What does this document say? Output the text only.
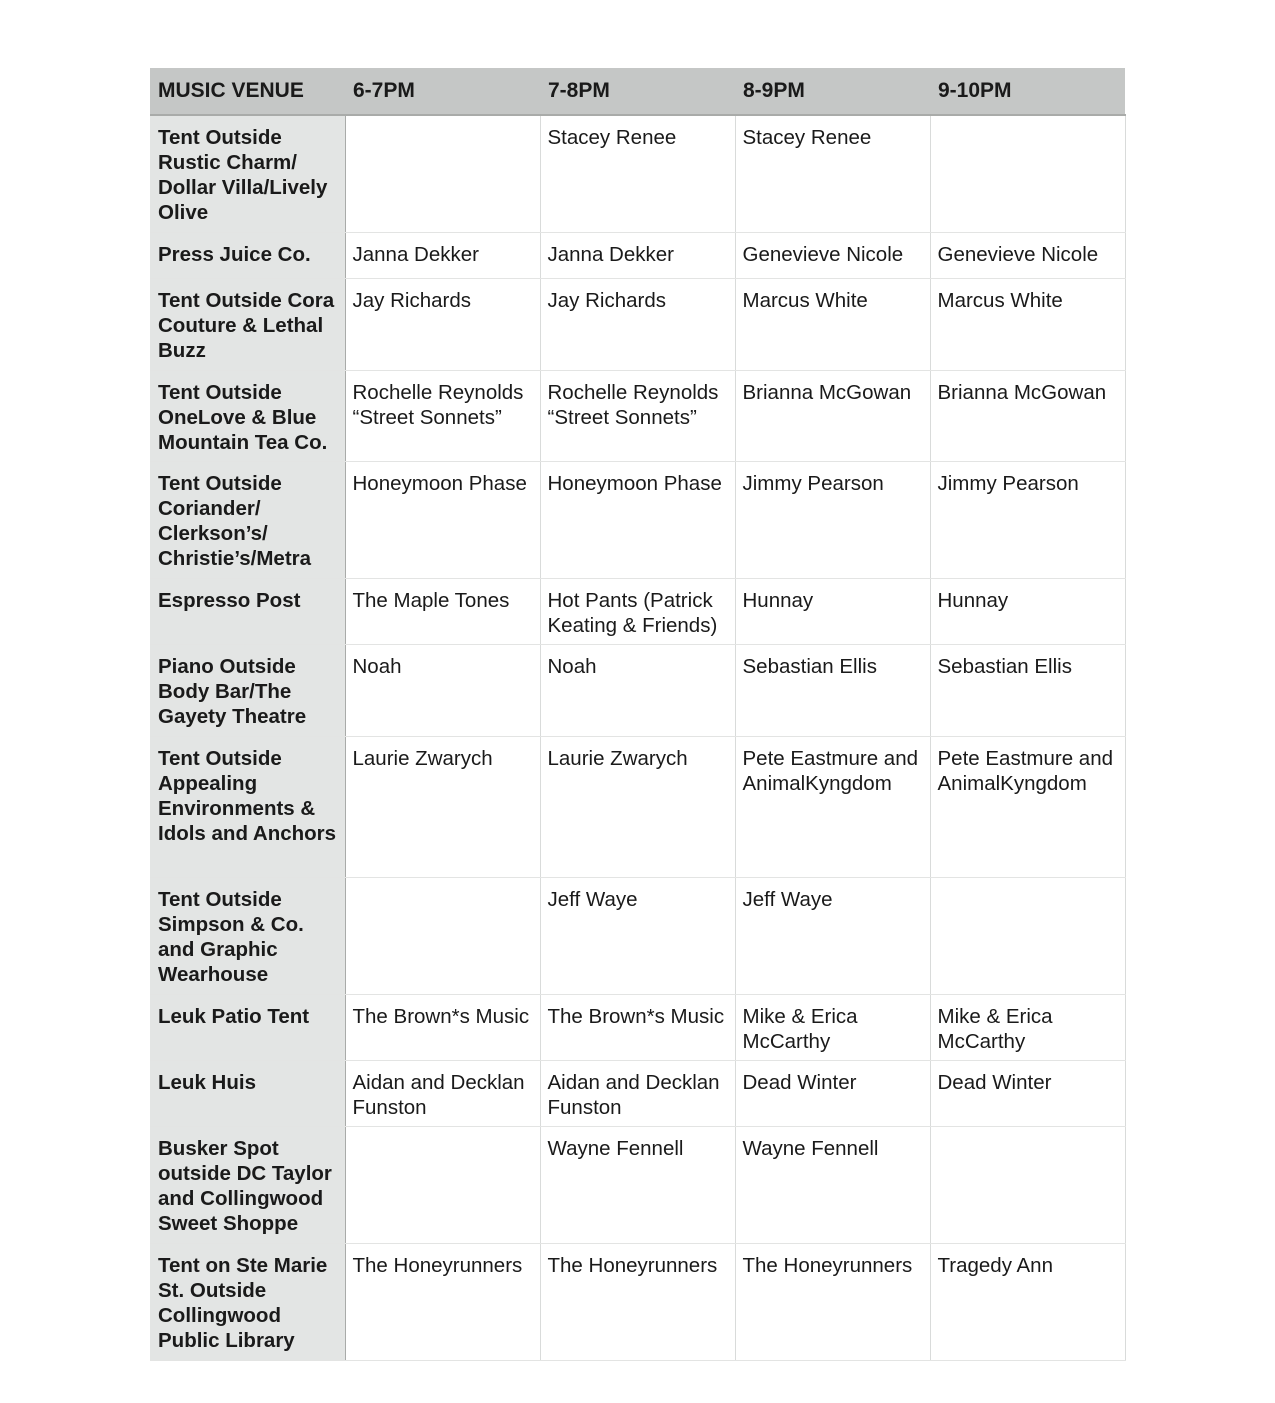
MUSIC VENUE	6-7PM	7-8PM	8-9PM	9-10PM
Tent Outside Rustic Charm/ Dollar Villa/Lively Olive		Stacey Renee	Stacey Renee	
Press Juice Co.	Janna Dekker	Janna Dekker	Genevieve Nicole	Genevieve Nicole
Tent Outside Cora Couture & Lethal Buzz	Jay Richards	Jay Richards	Marcus White	Marcus White
Tent Outside OneLove & Blue Mountain Tea Co.	Rochelle Reynolds “Street Sonnets”	Rochelle Reynolds “Street Sonnets”	Brianna McGowan	Brianna McGowan
Tent Outside Coriander/ Clerkson’s/ Christie’s/Metra	Honeymoon Phase	Honeymoon Phase	Jimmy Pearson	Jimmy Pearson
Espresso Post	The Maple Tones	Hot Pants (Patrick Keating & Friends)	Hunnay	Hunnay
Piano Outside Body Bar/The Gayety Theatre	Noah	Noah	Sebastian Ellis	Sebastian Ellis
Tent Outside Appealing Environments & Idols and Anchors	Laurie Zwarych	Laurie Zwarych	Pete Eastmure and AnimalKyngdom	Pete Eastmure and AnimalKyngdom
Tent Outside Simpson & Co. and Graphic Wearhouse		Jeff Waye	Jeff Waye	
Leuk Patio Tent	The Brown*s Music	The Brown*s Music	Mike & Erica McCarthy	Mike & Erica McCarthy
Leuk Huis	Aidan and Decklan Funston	Aidan and Decklan Funston	Dead Winter	Dead Winter
Busker Spot outside DC Taylor and Collingwood Sweet Shoppe		Wayne Fennell	Wayne Fennell	
Tent on Ste Marie St. Outside Collingwood Public Library	The Honeyrunners	The Honeyrunners	The Honeyrunners	Tragedy Ann
